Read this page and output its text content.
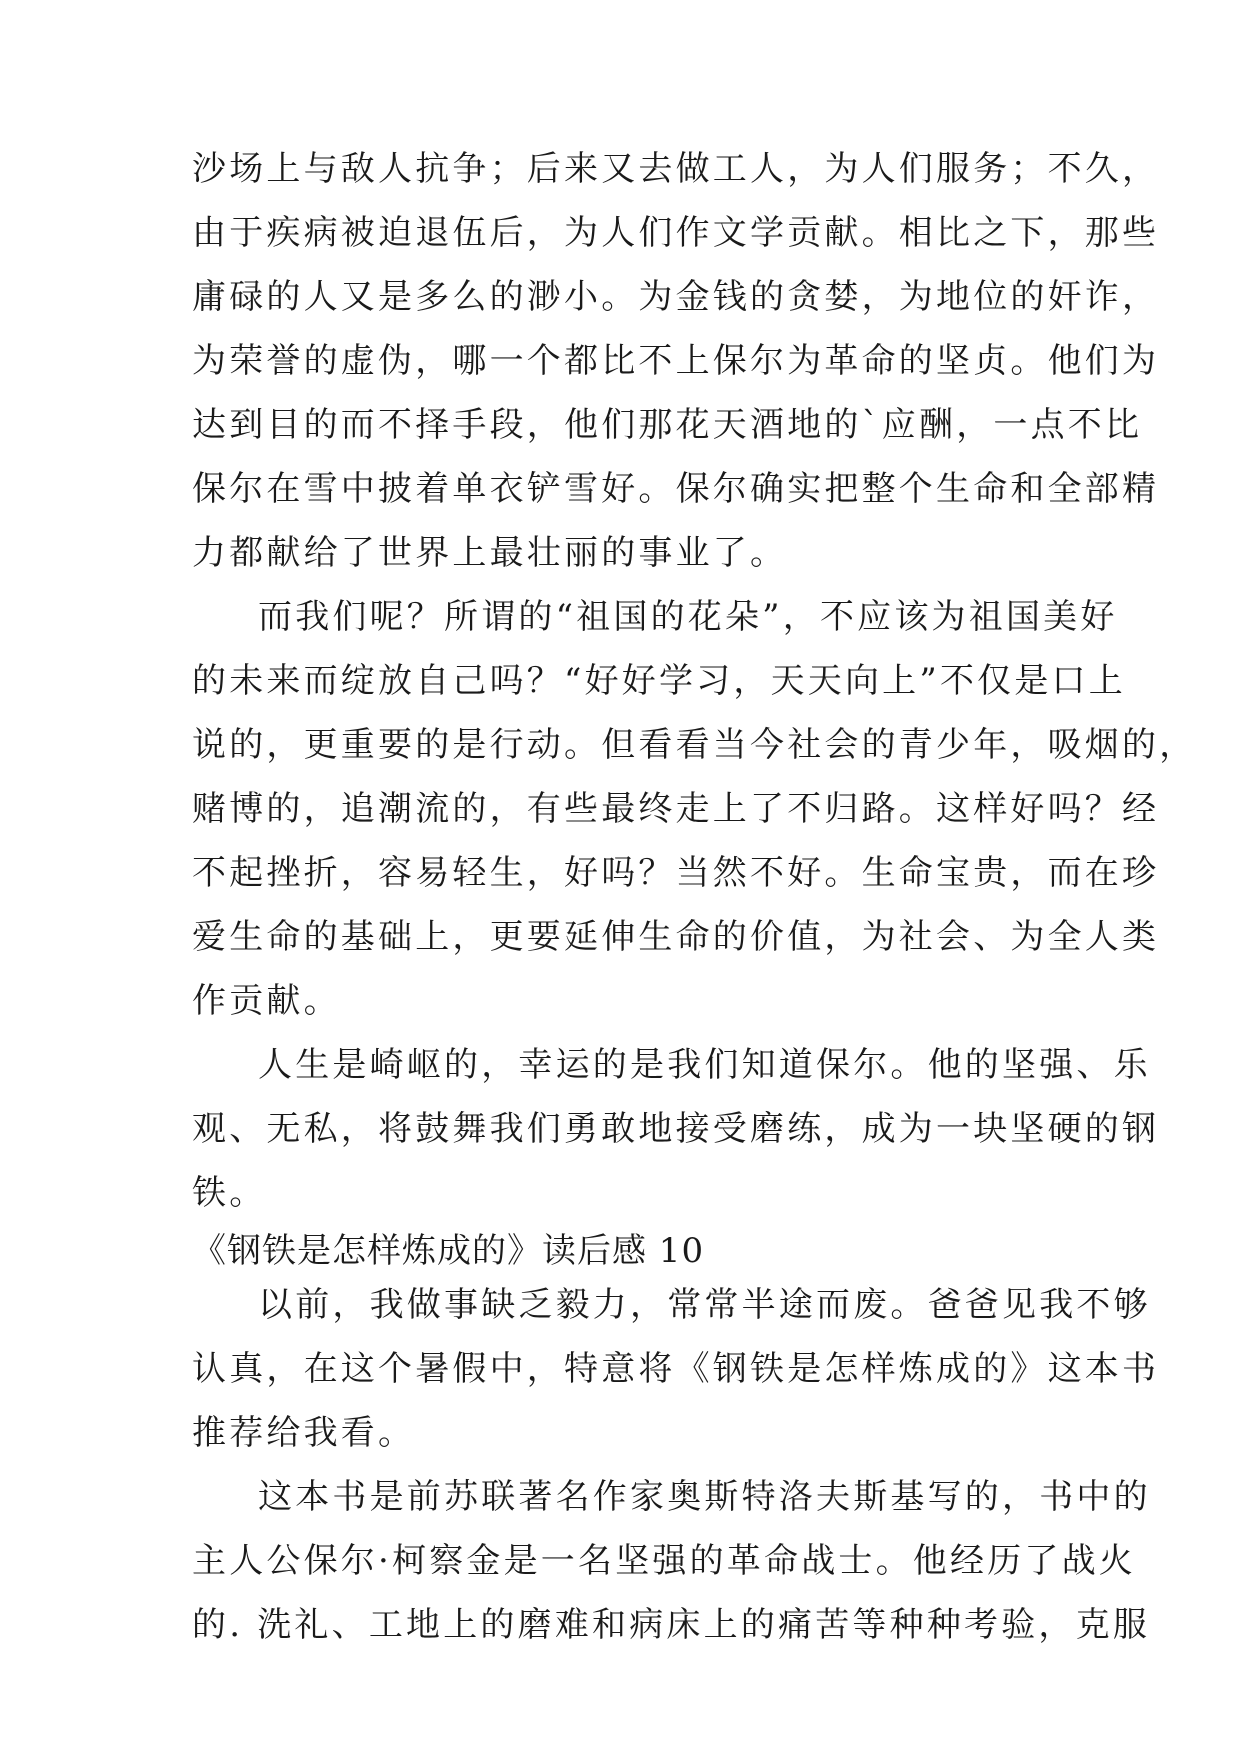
沙场上与敌人抗争；后来又去做工人，为人们服务；不久，
由于疾病被迫退伍后，为人们作文学贡献。相比之下，那些
庸碌的人又是多么的渺小。为金钱的贪婪，为地位的奸诈，
为荣誉的虚伪，哪一个都比不上保尔为革命的坚贞。他们为
达到目的而不择手段，他们那花天酒地的`应酬，一点不比
保尔在雪中披着单衣铲雪好。保尔确实把整个生命和全部精
力都献给了世界上最壮丽的事业了。
而我们呢？所谓的“祖国的花朵”，不应该为祖国美好
的未来而绽放自己吗？“好好学习，天天向上”不仅是口上
说的，更重要的是行动。但看看当今社会的青少年，吸烟的，
赌博的，追潮流的，有些最终走上了不归路。这样好吗？经
不起挫折，容易轻生，好吗？当然不好。生命宝贵，而在珍
爱生命的基础上，更要延伸生命的价值，为社会、为全人类
作贡献。
人生是崎岖的，幸运的是我们知道保尔。他的坚强、乐
观、无私，将鼓舞我们勇敢地接受磨练，成为一块坚硬的钢
铁。
《钢铁是怎样炼成的》读后感 10
以前，我做事缺乏毅力，常常半途而废。爸爸见我不够
认真，在这个暑假中，特意将《钢铁是怎样炼成的》这本书
推荐给我看。
这本书是前苏联著名作家奥斯特洛夫斯基写的，书中的
主人公保尔·柯察金是一名坚强的革命战士。他经历了战火
的. 洗礼、工地上的磨难和病床上的痛苦等种种考验，克服
